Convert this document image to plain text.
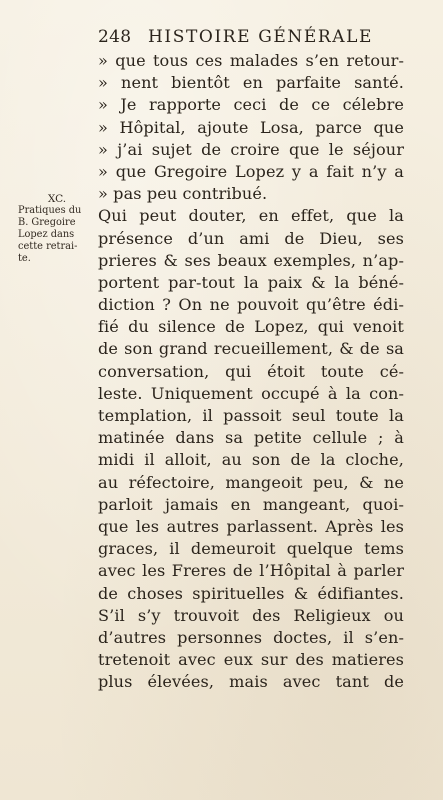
248 HISTOIRE GÉNÉRALE
XC.
Pratiques du
B. Gregoire
Lopez dans
cette retrai-
te.
» que tous ces malades s’en retour-
» nent bientôt en parfaite santé.
» Je rapporte ceci de ce célebre
» Hôpital, ajoute Losa, parce que
» j’ai sujet de croire que le séjour
» que Gregoire Lopez y a fait n’y a
» pas peu contribué.
Qui peut douter, en effet, que la
présence d’un ami de Dieu, ses
prieres & ses beaux exemples, n’ap-
portent par-tout la paix & la béné-
diction ? On ne pouvoit qu’être édi-
fié du silence de Lopez, qui venoit
de son grand recueillement, & de sa
conversation, qui étoit toute cé-
leste. Uniquement occupé à la con-
templation, il passoit seul toute la
matinée dans sa petite cellule ; à
midi il alloit, au son de la cloche,
au réfectoire, mangeoit peu, & ne
parloit jamais en mangeant, quoi-
que les autres parlassent. Après les
graces, il demeuroit quelque tems
avec les Freres de l’Hôpital à parler
de choses spirituelles & édifiantes.
S’il s’y trouvoit des Religieux ou
d’autres personnes doctes, il s’en-
tretenoit avec eux sur des matieres
plus élevées, mais avec tant de
